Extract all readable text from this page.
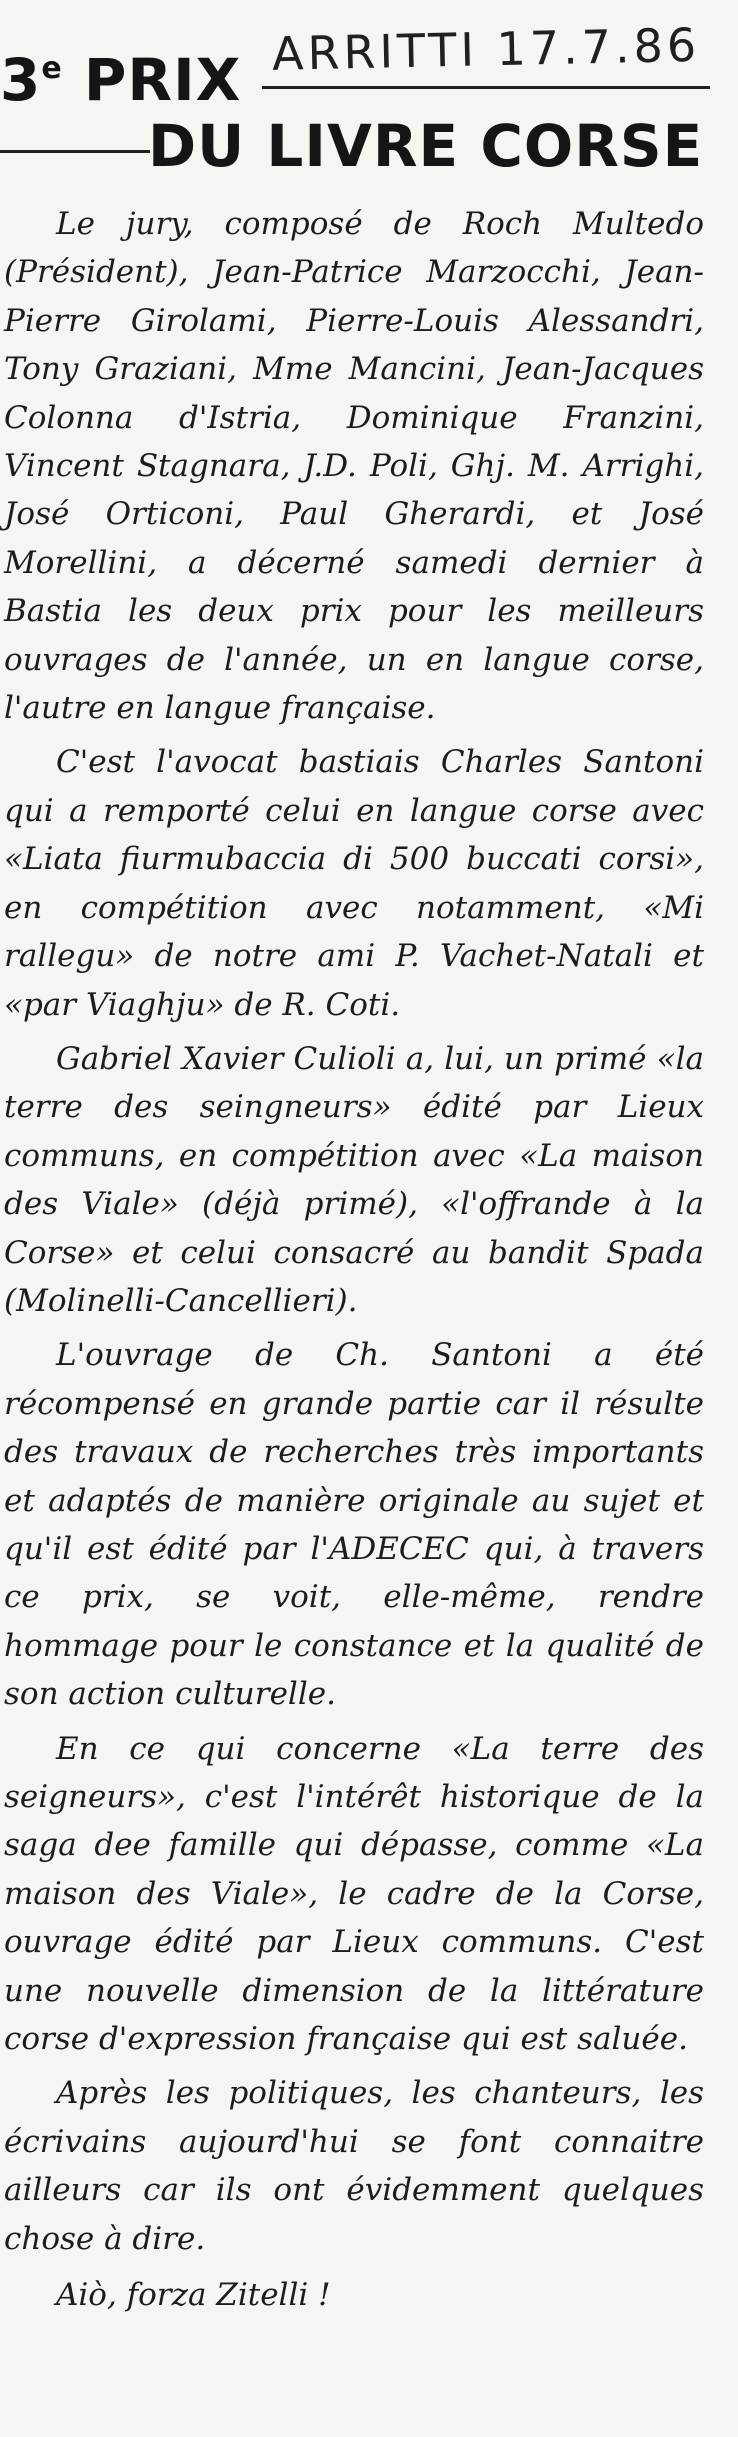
ARRITTI 17.7.86
3e PRIX
DU LIVRE CORSE

Le jury, composé de Roch Multedo (Président), Jean-Patrice Marzocchi, Jean-Pierre Girolami, Pierre-Louis Alessandri, Tony Graziani, Mme Mancini, Jean-Jacques Colonna d'Istria, Dominique Franzini, Vincent Stagnara, J.D. Poli, Ghj. M. Arrighi, José Orticoni, Paul Gherardi, et José Morellini, a décerné samedi dernier à Bastia les deux prix pour les meilleurs ouvrages de l'année, un en langue corse, l'autre en langue française.

C'est l'avocat bastiais Charles Santoni qui a remporté celui en langue corse avec «Liata fiurmubaccia di 500 buccati corsi», en compétition avec notamment, «Mi rallegu» de notre ami P. Vachet-Natali et «par Viaghju» de R. Coti.

Gabriel Xavier Culioli a, lui, un primé «la terre des seingneurs» édité par Lieux communs, en compétition avec «La maison des Viale» (déjà primé), «l'offrande à la Corse» et celui consacré au bandit Spada (Molinelli-Cancellieri).

L'ouvrage de Ch. Santoni a été récompensé en grande partie car il résulte des travaux de recherches très importants et adaptés de manière originale au sujet et qu'il est édité par l'ADECEC qui, à travers ce prix, se voit, elle-même, rendre hommage pour le constance et la qualité de son action culturelle.

En ce qui concerne «La terre des seigneurs», c'est l'intérêt historique de la saga dee famille qui dépasse, comme «La maison des Viale», le cadre de la Corse, ouvrage édité par Lieux communs. C'est une nouvelle dimension de la littérature corse d'expression française qui est saluée.

Après les politiques, les chanteurs, les écrivains aujourd'hui se font connaitre ailleurs car ils ont évidemment quelques chose à dire.

Aiò, forza Zitelli !
